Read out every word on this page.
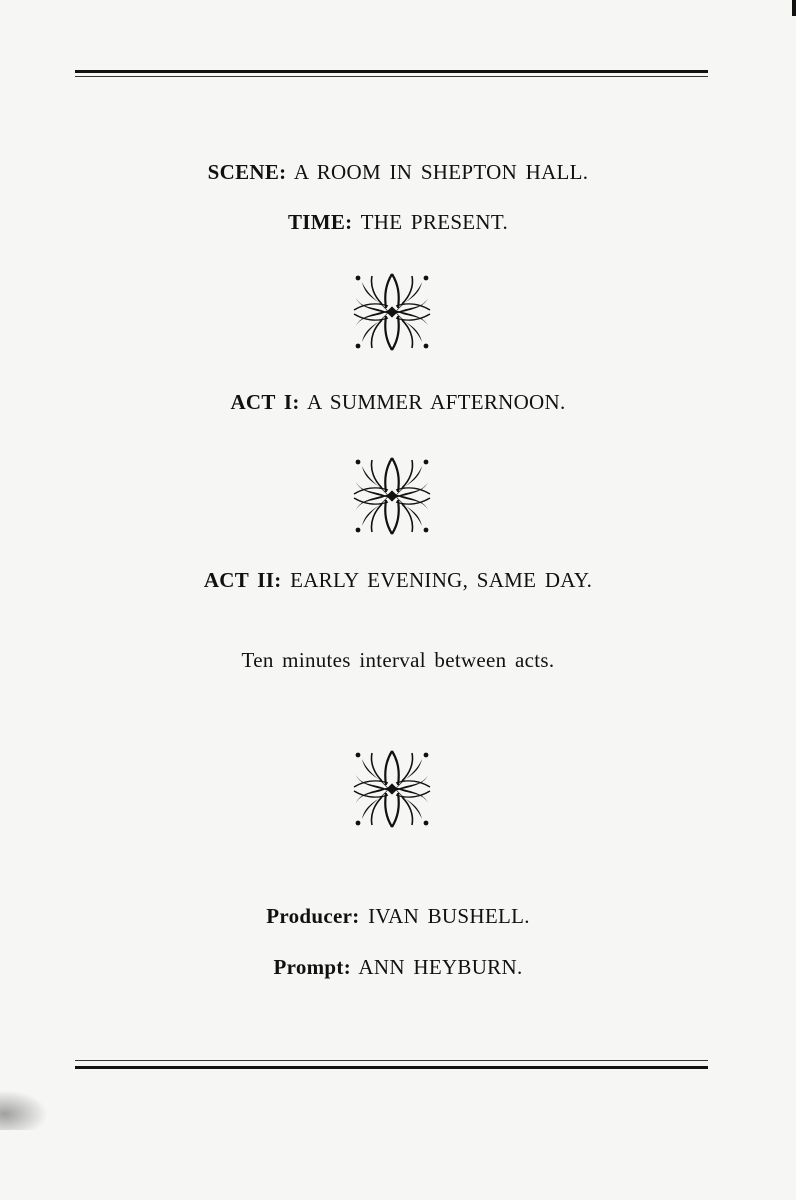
SCENE: A ROOM IN SHEPTON HALL.
TIME: THE PRESENT.
ACT I: A SUMMER AFTERNOON.
ACT II: EARLY EVENING, SAME DAY.
Ten minutes interval between acts.
Producer: IVAN BUSHELL.
Prompt: ANN HEYBURN.
